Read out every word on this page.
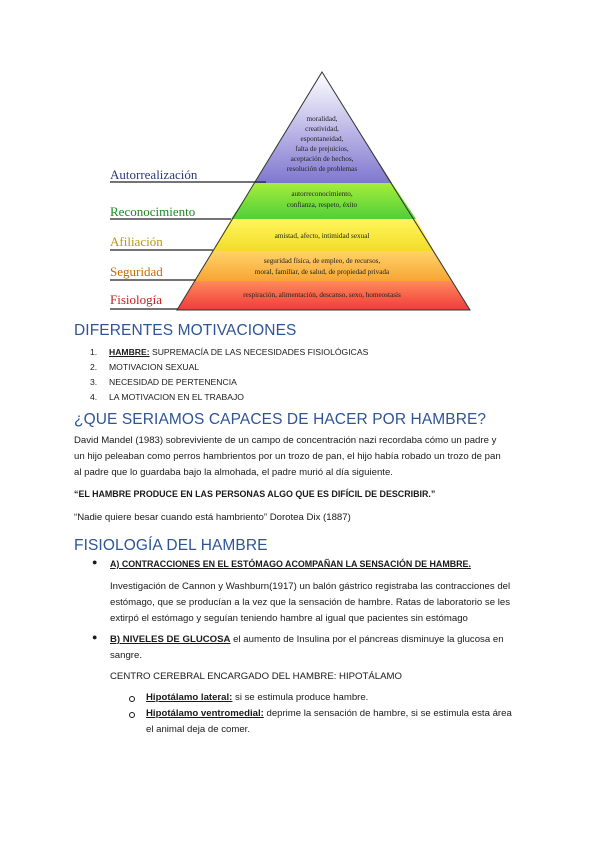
Autorrealización
Reconocimiento
Afiliación
Seguridad
Fisiología
moralidad,
creatividad,
espontaneidad,
falta de prejuicios,
aceptación de hechos,
resolución de problemas
autorreconocimiento,
confianza, respeto, éxito
amistad, afecto, intimidad sexual
seguridad física, de empleo, de recursos,
moral, familiar, de salud, de propiedad privada
respiración, alimentación, descanso, sexo, homeostasis
DIFERENTES MOTIVACIONES
1.	HAMBRE: SUPREMACÍA DE LAS NECESIDADES FISIOLÓGICAS
2.	MOTIVACION SEXUAL
3.	NECESIDAD DE PERTENENCIA
4.	LA MOTIVACION EN EL TRABAJO
¿QUE SERIAMOS CAPACES DE HACER POR HAMBRE?
David Mandel (1983) sobreviviente de un campo de concentración nazi recordaba cómo un padre y
un hijo peleaban como perros hambrientos por un trozo de pan, el hijo había robado un trozo de pan
al padre que lo guardaba bajo la almohada, el padre murió al día siguiente.
“EL HAMBRE PRODUCE EN LAS PERSONAS ALGO QUE ES DIFÍCIL DE DESCRIBIR.”
“Nadie quiere besar cuando está hambriento” Dorotea Dix (1887)
FISIOLOGÍA DEL HAMBRE
● A) CONTRACCIONES EN EL ESTÓMAGO ACOMPAÑAN LA SENSACIÓN DE HAMBRE.
Investigación de Cannon y Washburn(1917) un balón gástrico registraba las contracciones del
estómago, que se producían a la vez que la sensación de hambre. Ratas de laboratorio se les
extirpó el estómago y seguían teniendo hambre al igual que pacientes sin estómago
● B) NIVELES DE GLUCOSA el aumento de Insulina por el páncreas disminuye la glucosa en
sangre.
CENTRO CEREBRAL ENCARGADO DEL HAMBRE: HIPOTÁLAMO
Hipotálamo lateral: si se estimula produce hambre.
Hipotálamo ventromedial: deprime la sensación de hambre, si se estimula esta área
el animal deja de comer.
